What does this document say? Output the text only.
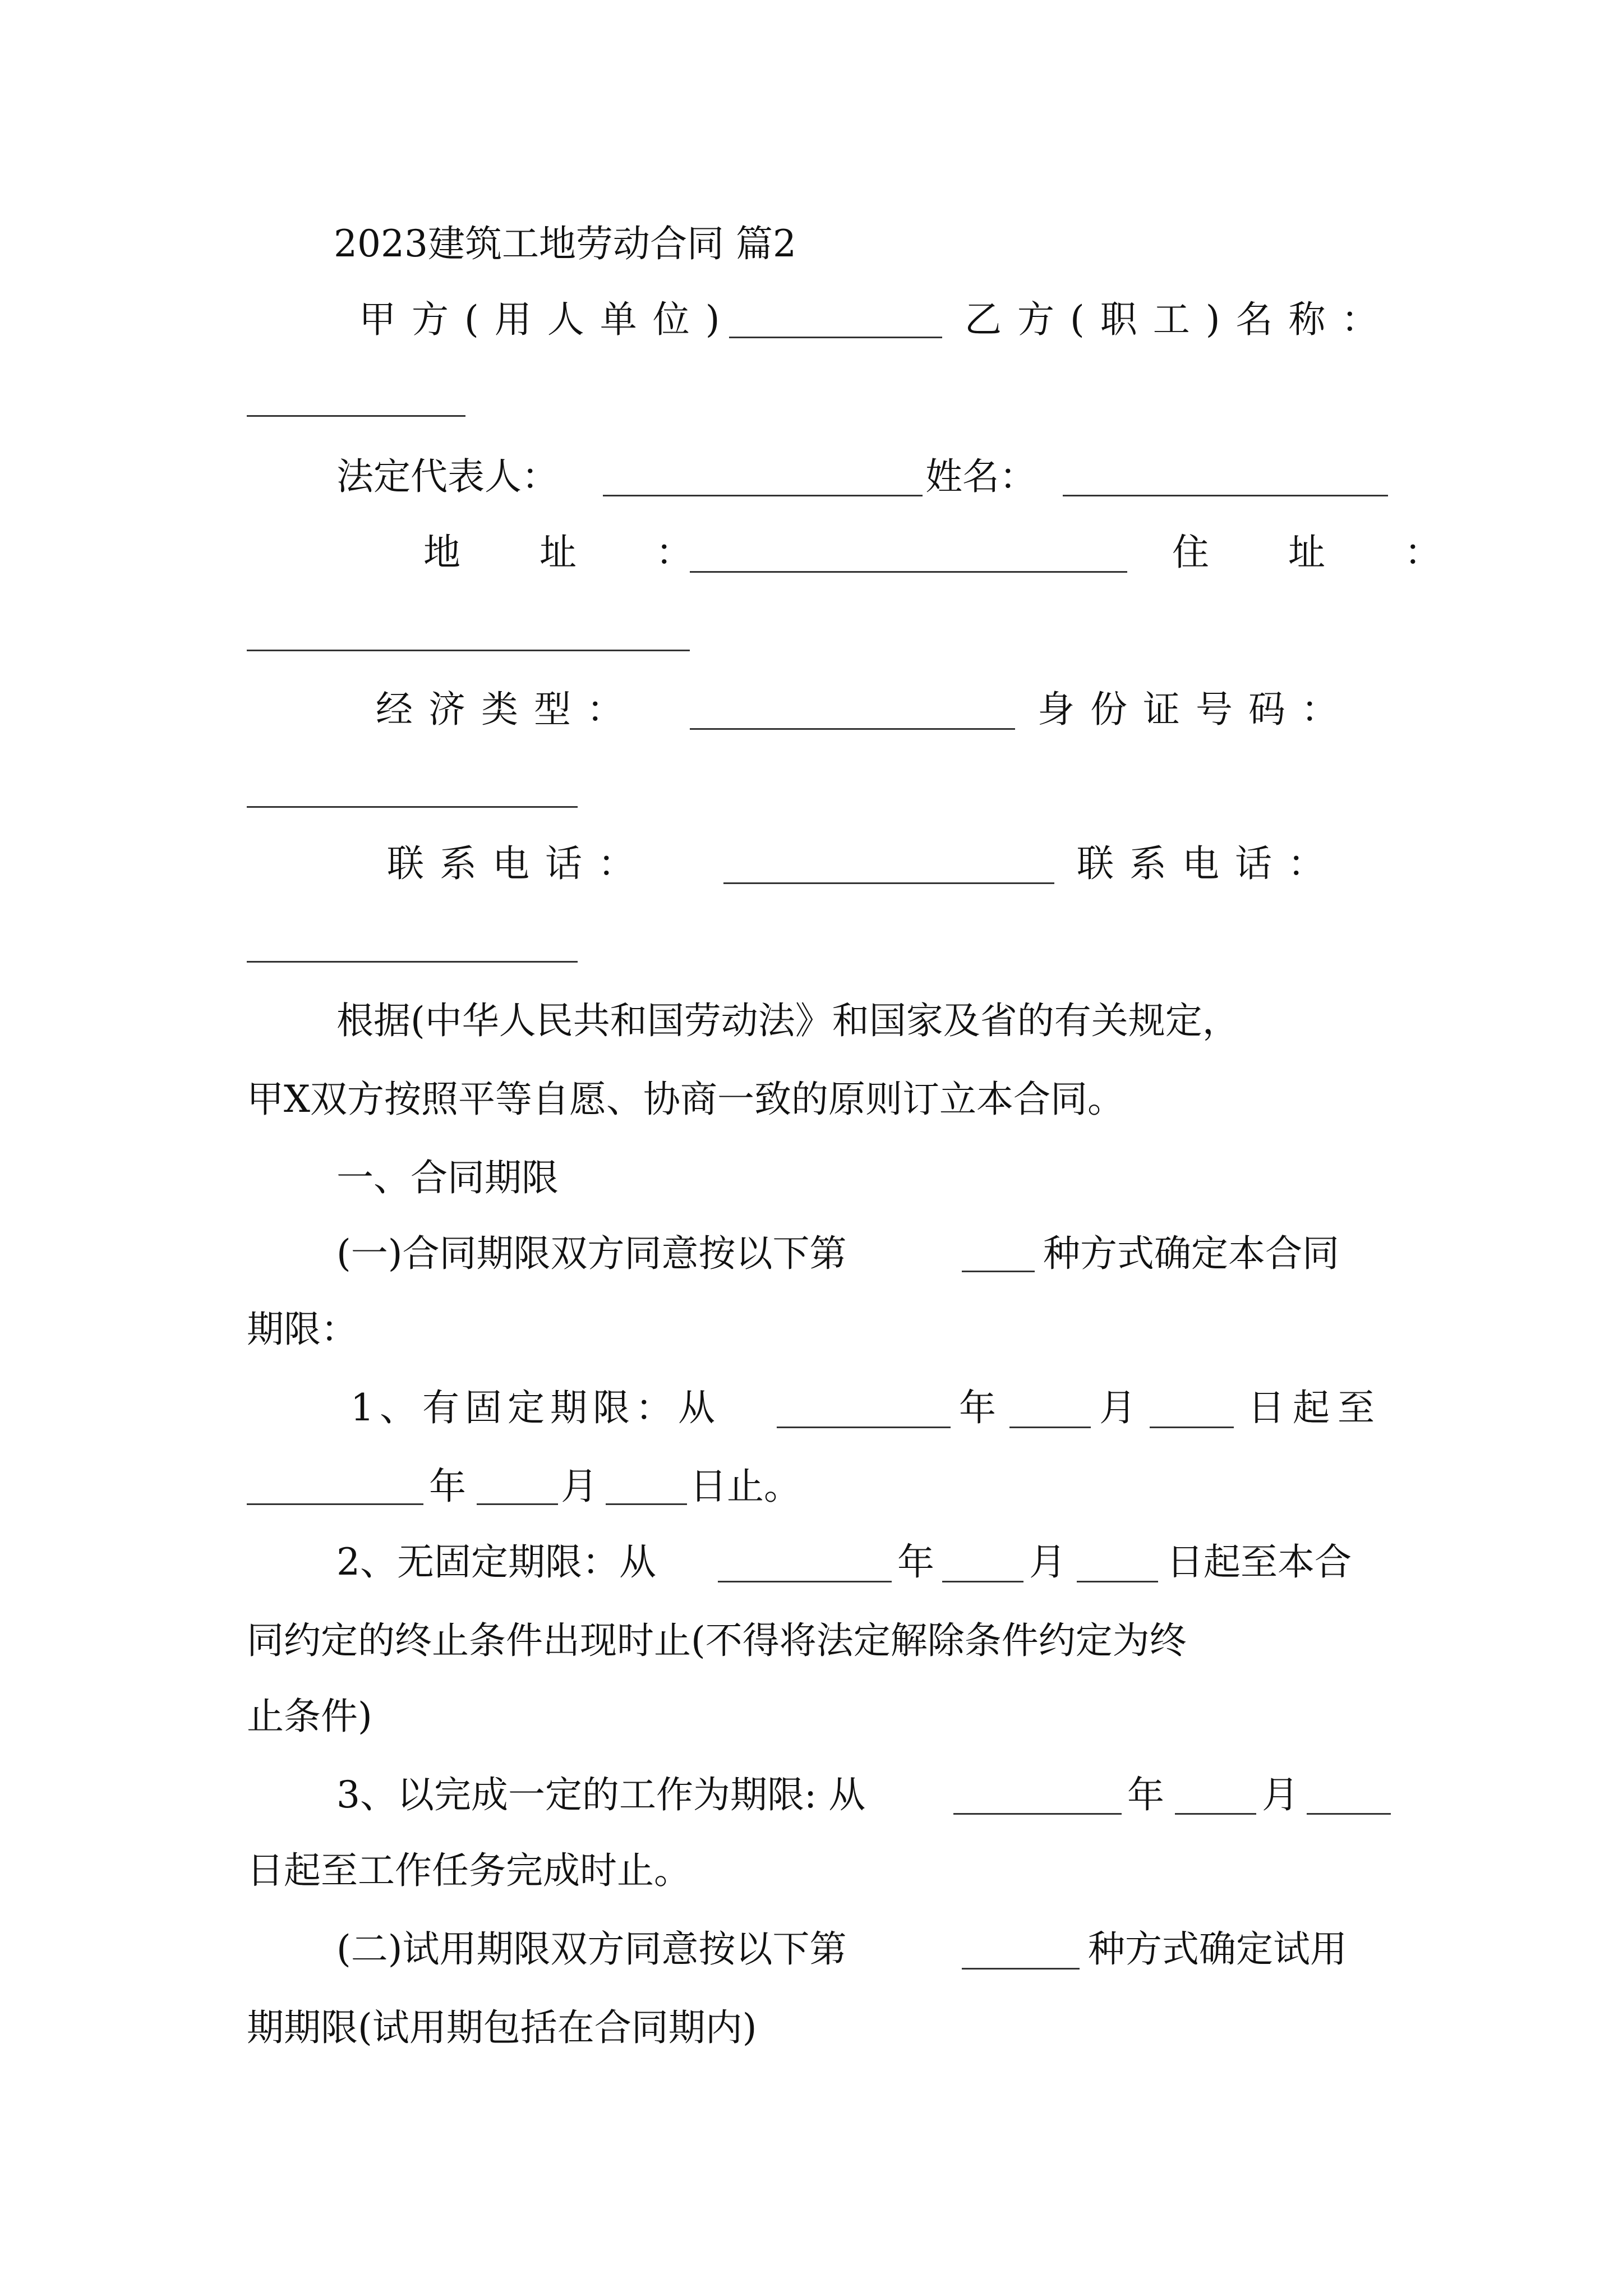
2023建筑工地劳动合同 篇2
甲方(用人单位)	乙方(职工)名称：
法定代表人：	姓名：
地 址 ：	住 址 ：
经济类型：	身份证号码：
联系电话：	联系电话：
根据(中华人民共和国劳动法》和国家及省的有关规定，
甲X双方按照平等自愿、协商一致的原则订立本合同。
一、合同期限
(一)合同期限双方同意按以下第	种方式确定本合同
期限：
1、有固定期限：从	年	月	日起至
年	月 日止。
2、无固定期限：从	年	月	日起至本合
同约定的终止条件出现时止(不得将法定解除条件约定为终
止条件)
3、以完成一定的工作为期限: 从	年	月
日起至工作任务完成时止。
(二)试用期限双方同意按以下第	种方式确定试用
期期限(试用期包括在合同期内)
